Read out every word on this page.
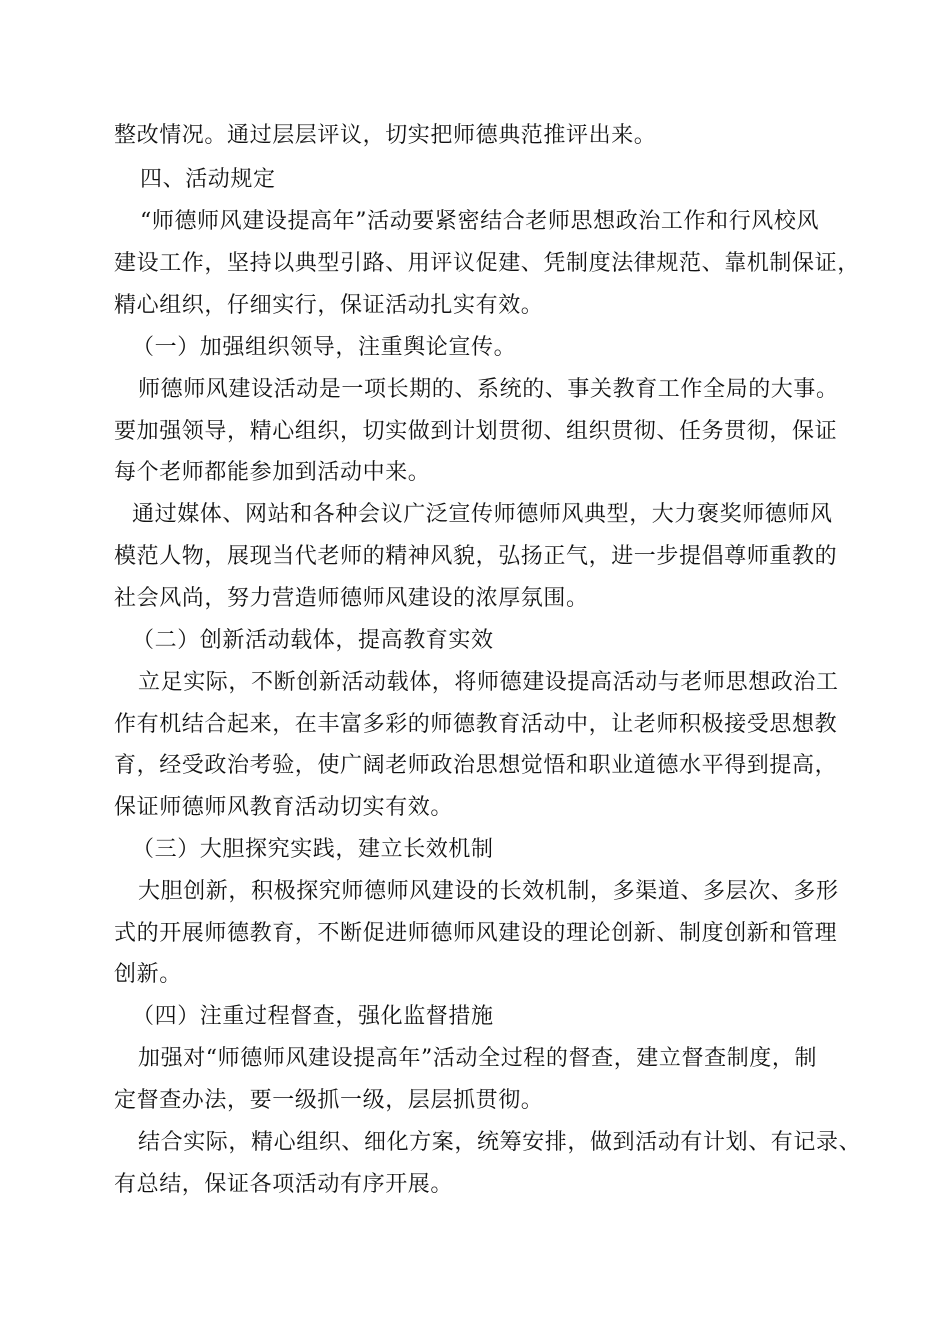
整改情况。通过层层评议，切实把师德典范推评出来。

四、活动规定

“师德师风建设提高年”活动要紧密结合老师思想政治工作和行风校风

建设工作，坚持以典型引路、用评议促建、凭制度法律规范、靠机制保证，

精心组织，仔细实行，保证活动扎实有效。

（一）加强组织领导，注重舆论宣传。

师德师风建设活动是一项长期的、系统的、事关教育工作全局的大事。

要加强领导，精心组织，切实做到计划贯彻、组织贯彻、任务贯彻，保证

每个老师都能参加到活动中来。

通过媒体、网站和各种会议广泛宣传师德师风典型，大力褒奖师德师风

模范人物，展现当代老师的精神风貌，弘扬正气，进一步提倡尊师重教的

社会风尚，努力营造师德师风建设的浓厚氛围。

（二）创新活动载体，提高教育实效

立足实际，不断创新活动载体，将师德建设提高活动与老师思想政治工

作有机结合起来，在丰富多彩的师德教育活动中，让老师积极接受思想教

育，经受政治考验，使广阔老师政治思想觉悟和职业道德水平得到提高，

保证师德师风教育活动切实有效。

（三）大胆探究实践，建立长效机制

大胆创新，积极探究师德师风建设的长效机制，多渠道、多层次、多形

式的开展师德教育，不断促进师德师风建设的理论创新、制度创新和管理

创新。

（四）注重过程督查，强化监督措施

加强对“师德师风建设提高年”活动全过程的督查，建立督查制度，制

定督查办法，要一级抓一级，层层抓贯彻。

结合实际，精心组织、细化方案，统筹安排，做到活动有计划、有记录、

有总结，保证各项活动有序开展。
